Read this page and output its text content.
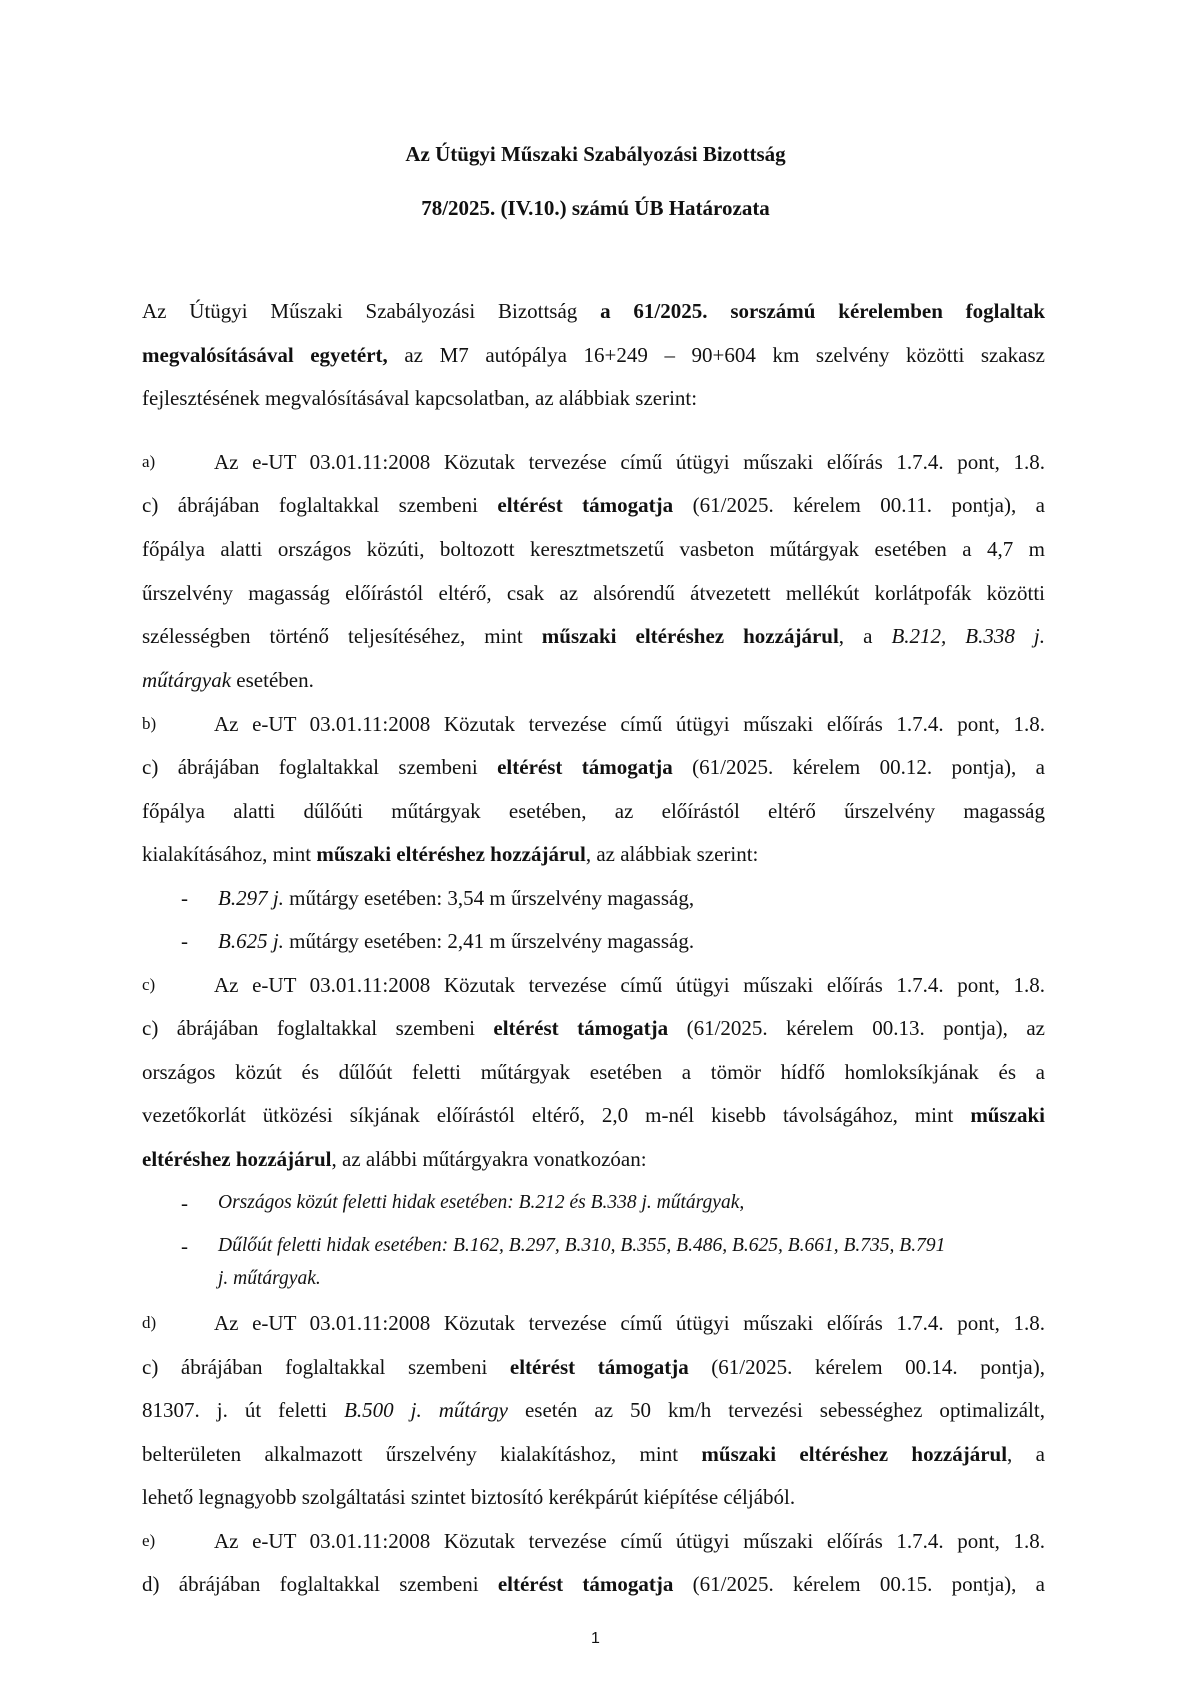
Az Útügyi Műszaki Szabályozási Bizottság
78/2025. (IV.10.) számú ÚB Határozata
Az Útügyi Műszaki Szabályozási Bizottság a 61/2025. sorszámú kérelemben foglaltak
megvalósításával egyetért, az M7 autópálya 16+249 – 90+604 km szelvény közötti szakasz
fejlesztésének megvalósításával kapcsolatban, az alábbiak szerint:
a)	Az e-UT 03.01.11:2008 Közutak tervezése című útügyi műszaki előírás 1.7.4. pont, 1.8.
c) ábrájában foglaltakkal szembeni eltérést támogatja (61/2025. kérelem 00.11. pontja), a
főpálya alatti országos közúti, boltozott keresztmetszetű vasbeton műtárgyak esetében a 4,7 m
űrszelvény magasság előírástól eltérő, csak az alsórendű átvezetett mellékút korlátpofák közötti
szélességben történő teljesítéséhez, mint műszaki eltéréshez hozzájárul, a B.212, B.338 j.
műtárgyak esetében.
b)	Az e-UT 03.01.11:2008 Közutak tervezése című útügyi műszaki előírás 1.7.4. pont, 1.8.
c) ábrájában foglaltakkal szembeni eltérést támogatja (61/2025. kérelem 00.12. pontja), a
főpálya alatti dűlőúti műtárgyak esetében, az előírástól eltérő űrszelvény magasság
kialakításához, mint műszaki eltéréshez hozzájárul, az alábbiak szerint:
- B.297 j. műtárgy esetében: 3,54 m űrszelvény magasság,
- B.625 j. műtárgy esetében: 2,41 m űrszelvény magasság.
c)	Az e-UT 03.01.11:2008 Közutak tervezése című útügyi műszaki előírás 1.7.4. pont, 1.8.
c) ábrájában foglaltakkal szembeni eltérést támogatja (61/2025. kérelem 00.13. pontja), az
országos közút és dűlőút feletti műtárgyak esetében a tömör hídfő homloksíkjának és a
vezetőkorlát ütközési síkjának előírástól eltérő, 2,0 m-nél kisebb távolságához, mint műszaki
eltéréshez hozzájárul, az alábbi műtárgyakra vonatkozóan:
- Országos közút feletti hidak esetében: B.212 és B.338 j. műtárgyak,
- Dűlőút feletti hidak esetében: B.162, B.297, B.310, B.355, B.486, B.625, B.661, B.735, B.791
j. műtárgyak.
d)	Az e-UT 03.01.11:2008 Közutak tervezése című útügyi műszaki előírás 1.7.4. pont, 1.8.
c) ábrájában foglaltakkal szembeni eltérést támogatja (61/2025. kérelem 00.14. pontja),
81307. j. út feletti B.500 j. műtárgy esetén az 50 km/h tervezési sebességhez optimalizált,
belterületen alkalmazott űrszelvény kialakításhoz, mint műszaki eltéréshez hozzájárul, a
lehető legnagyobb szolgáltatási szintet biztosító kerékpárút kiépítése céljából.
e)	Az e-UT 03.01.11:2008 Közutak tervezése című útügyi műszaki előírás 1.7.4. pont, 1.8.
d) ábrájában foglaltakkal szembeni eltérést támogatja (61/2025. kérelem 00.15. pontja), a
1
